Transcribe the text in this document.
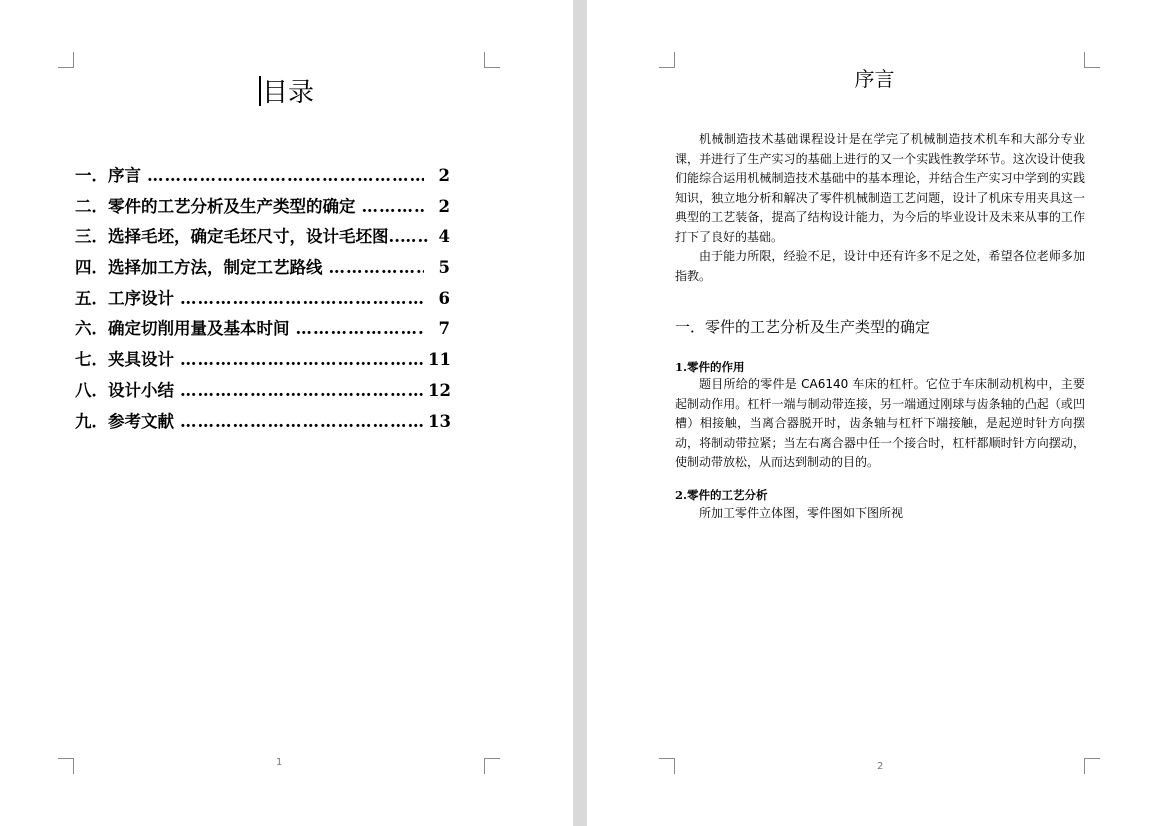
目录
一． 序言 …………………………………………………………………………………………	2
二． 零件的工艺分析及生产类型的确定 …………………………………………………………………………………………	2
三． 选择毛坯，确定毛坯尺寸，设计毛坯图.. …………………………………………………………………………………………	4
四． 选择加工方法，制定工艺路线 …………………………………………………………………………………………	5
五． 工序设计 …………………………………………………………………………………………	6
六． 确定切削用量及基本时间 …………………………………………………………………………………………	7
七． 夹具设计 …………………………………………………………………………………………	11
八． 设计小结 …………………………………………………………………………………………	12
九． 参考文献 …………………………………………………………………………………………	13
1
序言

机械制造技术基础课程设计是在学完了机械制造技术机车和大部分专业课，并进行了生产实习的基础上进行的又一个实践性教学环节。这次设计使我们能综合运用机械制造技术基础中的基本理论，并结合生产实习中学到的实践知识，独立地分析和解决了零件机械制造工艺问题，设计了机床专用夹具这一典型的工艺装备，提高了结构设计能力，为今后的毕业设计及未来从事的工作打下了良好的基础。

由于能力所限，经验不足，设计中还有许多不足之处，希望各位老师多加指教。

一．零件的工艺分析及生产类型的确定
1.零件的作用

题目所给的零件是 CA6140 车床的杠杆。它位于车床制动机构中，主要起制动作用。杠杆一端与制动带连接，另一端通过刚球与齿条轴的凸起（或凹槽）相接触，当离合器脱开时，齿条轴与杠杆下端接触，是起逆时针方向摆动，将制动带拉紧；当左右离合器中任一个接合时，杠杆都顺时针方向摆动，使制动带放松，从而达到制动的目的。

2.零件的工艺分析

所加工零件立体图，零件图如下图所视

2
